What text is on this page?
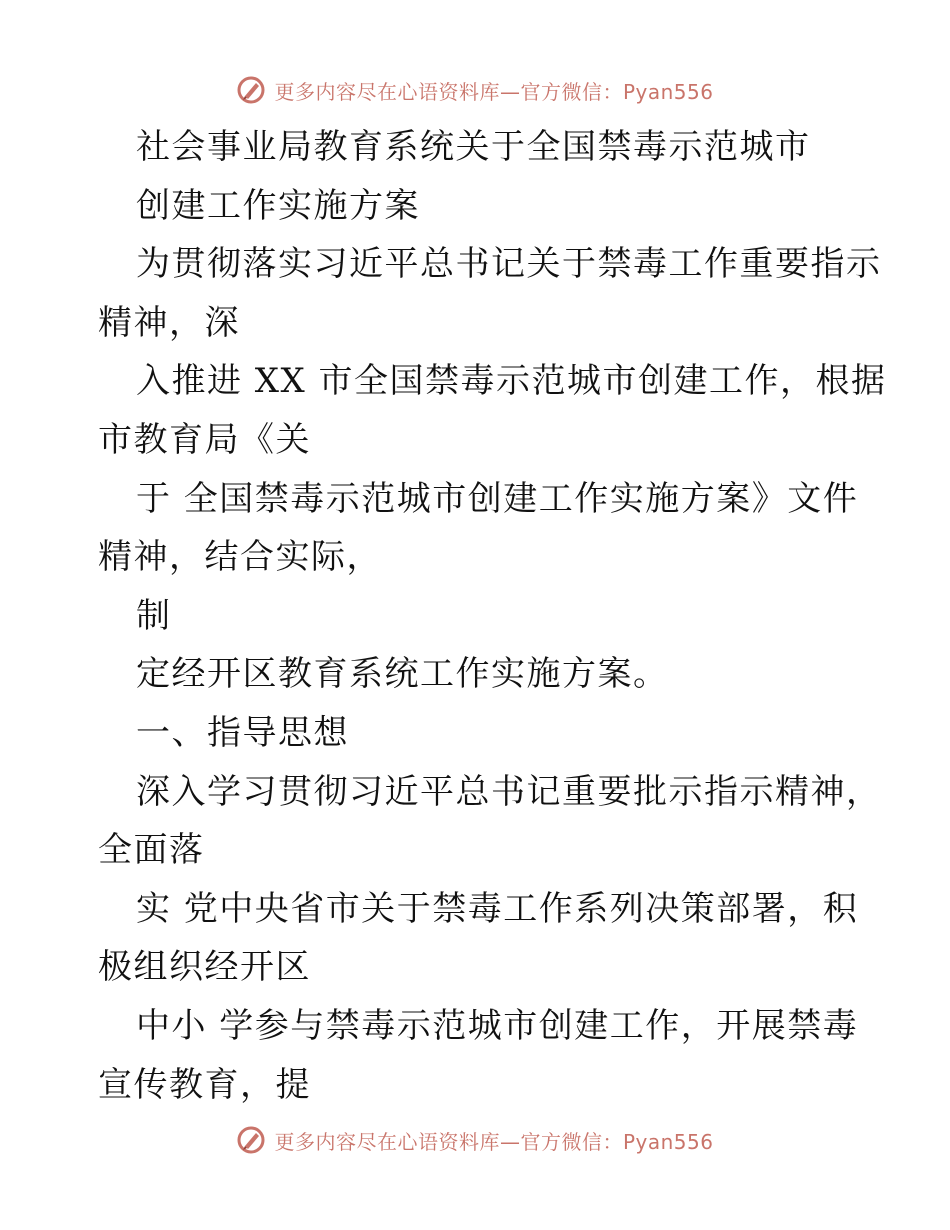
更多内容尽在心语资料库—官方微信：Pyan556
社会事业局教育系统关于全国禁毒示范城市
创建工作实施方案
为贯彻落实习近平总书记关于禁毒工作重要指示
精神，深
入推进 XX 市全国禁毒示范城市创建工作，根据
市教育局《关
于 全国禁毒示范城市创建工作实施方案》文件
精神，结合实际，
制
定经开区教育系统工作实施方案。
一、指导思想
深入学习贯彻习近平总书记重要批示指示精神，
全面落
实 党中央省市关于禁毒工作系列决策部署，积
极组织经开区
中小 学参与禁毒示范城市创建工作，开展禁毒
宣传教育，提
更多内容尽在心语资料库—官方微信：Pyan556
